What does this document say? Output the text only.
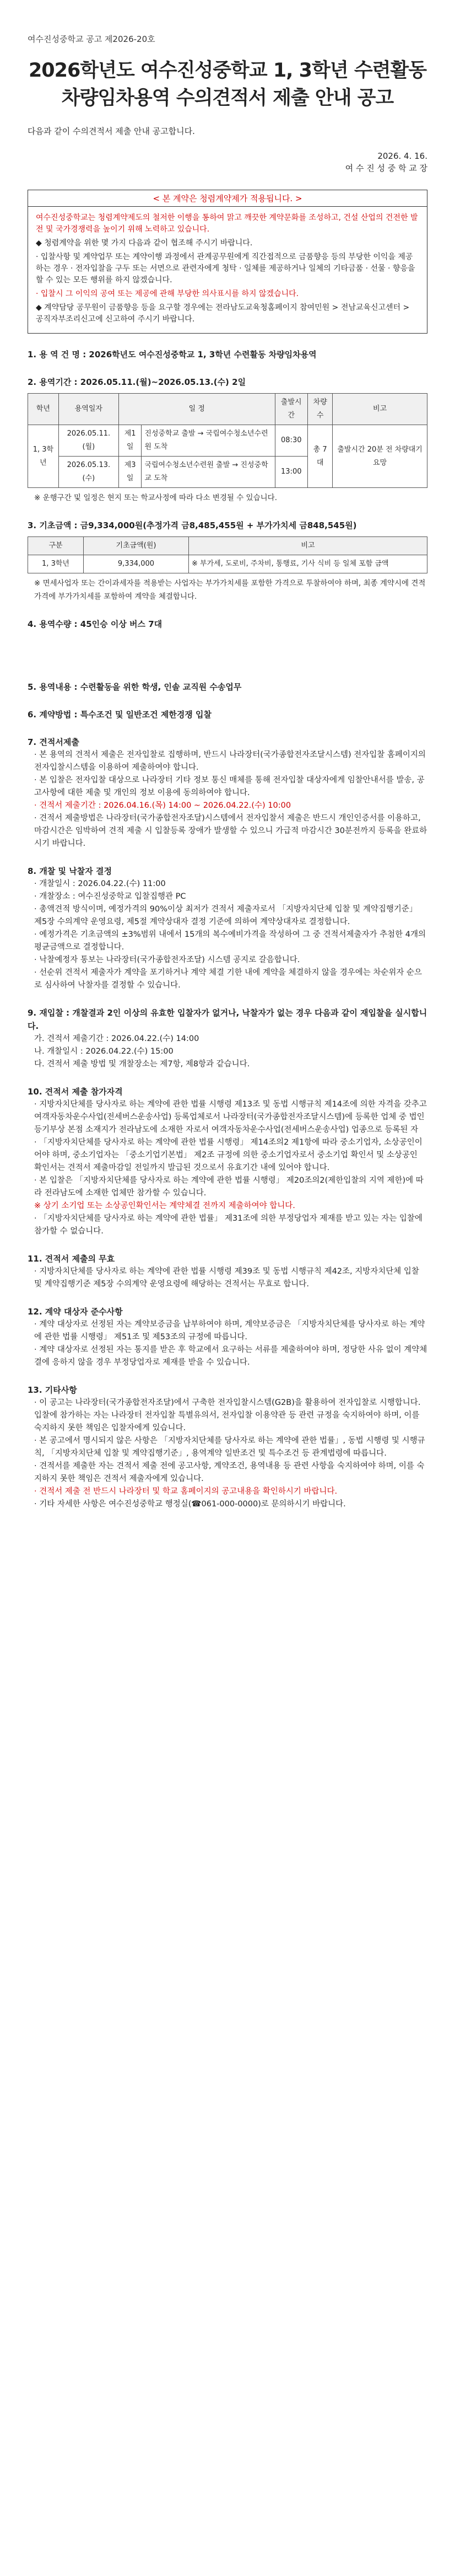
여수진성중학교 공고 제2026-20호
2026학년도 여수진성중학교 1, 3학년 수련활동
차량임차용역 수의견적서 제출 안내 공고
다음과 같이 수의견적서 제출 안내 공고합니다.
2026. 4. 16.
여 수 진 성 중 학 교 장
< 본 계약은 청렴계약제가 적용됩니다. >
여수진성중학교는 청렴계약제도의 철저한 이행을 통하여 맑고 깨끗한 계약문화를 조성하고, 건설 산업의 건전한 발전 및 국가경쟁력을 높이기 위해 노력하고 있습니다.
◆ 청렴계약을 위한 몇 가지 다음과 같이 협조해 주시기 바랍니다.
· 입찰사항 및 계약업무 또는 계약이행 과정에서 관계공무원에게 직간접적으로 금품향응 등의 부당한 이익을 제공하는 경우 · 전자입찰을 구두 또는 서면으로 관련자에게 청탁 · 일체를 제공하거나 일체의 기타금품 · 선물 · 향응을 할 수 있는 모든 행위를 하지 않겠습니다.
· 입찰시 그 이익의 공여 또는 제공에 관해 부당한 의사표시를 하지 않겠습니다.
◆ 계약담당 공무원이 금품향응 등을 요구할 경우에는 전라남도교육청홈페이지 참여민원 > 전남교육신고센터 > 공직자부조리신고에 신고하여 주시기 바랍니다.
1. 용 역 건 명 : 2026학년도 여수진성중학교 1, 3학년 수련활동 차량임차용역
2. 용역기간 : 2026.05.11.(월)~2026.05.13.(수) 2일
학년	용역일자	일 정		출발시간	차량수	비고
1, 3학년	2026.05.11.(월)	제1일	진성중학교 출발 → 국립여수청소년수련원 도착	08:30	총 7대	출발시간 20분 전 차량대기 요망
	2026.05.13.(수)	제3일	국립여수청소년수련원 출발 → 진성중학교 도착	13:00		
※ 운행구간 및 일정은 현지 또는 학교사정에 따라 다소 변경될 수 있습니다.
3. 기초금액 : 금9,334,000원(추정가격 금8,485,455원 + 부가가치세 금848,545원)
구분	기초금액(원)	비고
1, 3학년	9,334,000	※ 부가세, 도로비, 주차비, 통행료, 기사 식비 등 일체 포함 금액
※ 면세사업자 또는 간이과세자를 적용받는 사업자는 부가가치세를 포함한 가격으로 투찰하여야 하며, 최종 계약시에 견적가격에 부가가치세를 포함하여 계약을 체결합니다.
4. 용역수량 : 45인승 이상 버스 7대
5. 용역내용 : 수련활동을 위한 학생, 인솔 교직원 수송업무
6. 계약방법 : 특수조건 및 일반조건 제한경쟁 입찰
7. 견적서제출
· 본 용역의 견적서 제출은 전자입찰로 집행하며, 반드시 나라장터(국가종합전자조달시스템) 전자입찰 홈페이지의 전자입찰시스템을 이용하여 제출하여야 합니다.
· 본 입찰은 전자입찰 대상으로 나라장터 기타 정보 통신 매체를 통해 전자입찰 대상자에게 임찰안내서를 발송, 공고사항에 대한 제출 및 개인의 정보 이용에 동의하여야 합니다.
· 견적서 제출기간 : 2026.04.16.(목) 14:00 ~ 2026.04.22.(수) 10:00
· 견적서 제출방법은 나라장터(국가종합전자조달)시스템에서 전자입찰서 제출은 반드시 개인인증서를 이용하고, 마감시간은 임박하여 견적 제출 시 입찰등록 장애가 발생할 수 있으니 가급적 마감시간 30분전까지 등록을 완료하시기 바랍니다.
8. 개찰 및 낙찰자 결정
· 개찰일시 : 2026.04.22.(수) 11:00
· 개찰장소 : 여수진성중학교 입찰집행관 PC
· 총액견적 방식이며, 예정가격의 90%이상 최저가 견적서 제출자로서 「지방자치단체 입찰 및 계약집행기준」 제5장 수의계약 운영요령, 제5절 계약상대자 결정 기준에 의하여 계약상대자로 결정합니다.
· 예정가격은 기초금액의 ±3%범위 내에서 15개의 복수예비가격을 작성하여 그 중 견적서제출자가 추첨한 4개의 평균금액으로 결정합니다.
· 낙찰예정자 통보는 나라장터(국가종합전자조달) 시스템 공지로 갈음합니다.
· 선순위 견적서 제출자가 계약을 포기하거나 계약 체결 기한 내에 계약을 체결하지 않을 경우에는 차순위자 순으로 심사하여 낙찰자를 결정할 수 있습니다.
9. 재입찰 : 개찰결과 2인 이상의 유효한 입찰자가 없거나, 낙찰자가 없는 경우 다음과 같이 재입찰을 실시합니다.
가. 견적서 제출기간 : 2026.04.22.(수) 14:00
나. 개찰일시 : 2026.04.22.(수) 15:00
다. 견적서 제출 방법 및 개찰장소는 제7항, 제8항과 같습니다.
10. 견적서 제출 참가자격
· 지방자치단체를 당사자로 하는 계약에 관한 법률 시행령 제13조 및 동법 시행규칙 제14조에 의한 자격을 갖추고 여객자동차운수사업(전세버스운송사업) 등록업체로서 나라장터(국가종합전자조달시스템)에 등록한 업체 중 법인등기부상 본점 소재지가 전라남도에 소재한 자로서 여객자동차운수사업(전세버스운송사업) 업종으로 등록된 자
· 「지방자치단체를 당사자로 하는 계약에 관한 법률 시행령」 제14조의2 제1항에 따라 중소기업자, 소상공인이어야 하며, 중소기업자는 「중소기업기본법」 제2조 규정에 의한 중소기업자로서 중소기업 확인서 및 소상공인 확인서는 견적서 제출마감일 전일까지 발급된 것으로서 유효기간 내에 있어야 합니다.
· 본 입찰은 「지방자치단체를 당사자로 하는 계약에 관한 법률 시행령」 제20조의2(제한입찰의 지역 제한)에 따라 전라남도에 소재한 업체만 참가할 수 있습니다.
※ 상기 소기업 또는 소상공인확인서는 계약체결 전까지 제출하여야 합니다.
· 「지방자치단체를 당사자로 하는 계약에 관한 법률」 제31조에 의한 부정당업자 제재를 받고 있는 자는 입찰에 참가할 수 없습니다.
11. 견적서 제출의 무효
· 지방자치단체를 당사자로 하는 계약에 관한 법률 시행령 제39조 및 동법 시행규칙 제42조, 지방자치단체 입찰 및 계약집행기준 제5장 수의계약 운영요령에 해당하는 견적서는 무효로 합니다.
12. 계약 대상자 준수사항
· 계약 대상자로 선정된 자는 계약보증금을 납부하여야 하며, 계약보증금은 「지방자치단체를 당사자로 하는 계약에 관한 법률 시행령」 제51조 및 제53조의 규정에 따릅니다.
· 계약 대상자로 선정된 자는 통지를 받은 후 학교에서 요구하는 서류를 제출하여야 하며, 정당한 사유 없이 계약체결에 응하지 않을 경우 부정당업자로 제재를 받을 수 있습니다.
13. 기타사항
· 이 공고는 나라장터(국가종합전자조달)에서 구축한 전자입찰시스템(G2B)을 활용하여 전자입찰로 시행합니다. 입찰에 참가하는 자는 나라장터 전자입찰 특별유의서, 전자입찰 이용약관 등 관련 규정을 숙지하여야 하며, 이를 숙지하지 못한 책임은 입찰자에게 있습니다.
· 본 공고에서 명시되지 않은 사항은 「지방자치단체를 당사자로 하는 계약에 관한 법률」, 동법 시행령 및 시행규칙, 「지방자치단체 입찰 및 계약집행기준」, 용역계약 일반조건 및 특수조건 등 관계법령에 따릅니다.
· 견적서를 제출한 자는 견적서 제출 전에 공고사항, 계약조건, 용역내용 등 관련 사항을 숙지하여야 하며, 이를 숙지하지 못한 책임은 견적서 제출자에게 있습니다.
· 견적서 제출 전 반드시 나라장터 및 학교 홈페이지의 공고내용을 확인하시기 바랍니다.
· 기타 자세한 사항은 여수진성중학교 행정실(☎061-000-0000)로 문의하시기 바랍니다.
